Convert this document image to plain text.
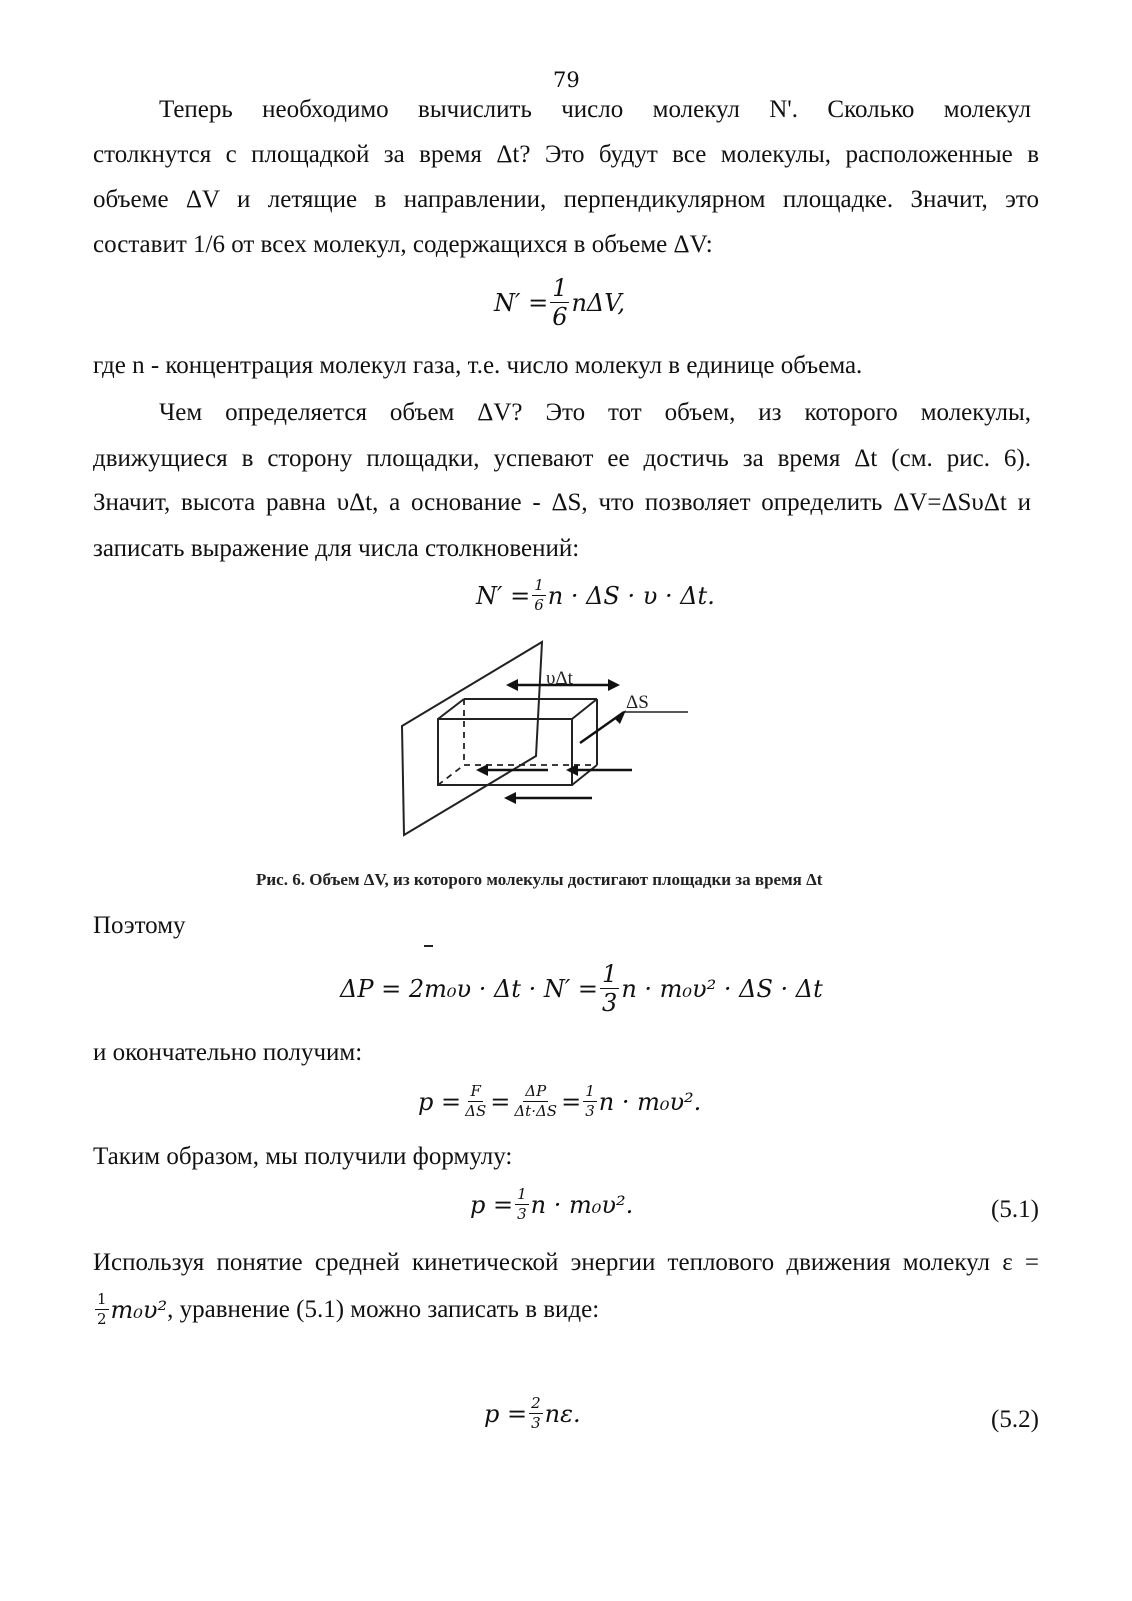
79
Теперь необходимо вычислить число молекул N'. Сколько молекул
столкнутся с площадкой за время Δt? Это будут все молекулы, расположенные в
объеме ΔV и летящие в направлении, перпендикулярном площадке. Значит, это
составит 1/6 от всех молекул, содержащихся в объеме ΔV:
$N' = \frac{1}{6} n\Delta V$,
где n - концентрация молекул газа, т.е. число молекул в единице объема.
Чем определяется объем ΔV? Это тот объем, из которого молекулы,
движущиеся в сторону площадки, успевают ее достичь за время Δt (см. рис. 6).
Значит, высота равна υΔt, а основание - ΔS, что позволяет определить ΔV=ΔSυΔt и
записать выражение для числа столкновений:
$N' = \frac{1}{6}$ n · ΔS · υ · Δt.
υΔt
ΔS
Рис. 6. Объем ΔV, из которого молекулы достигают площадки за время Δt
Поэтому
$\Delta P = 2m_0\upsilon \cdot \Delta t \cdot N' = \frac{1}{3}$ n · m₀υ² · ΔS · Δt
и окончательно получим:
$p = \frac{F}{\Delta S} = \frac{\Delta P}{\Delta t\cdot\Delta S} = \frac{1}{3}$ n · m₀υ².
Таким образом, мы получили формулу:
$p = \frac{1}{3}$ n · m₀υ².	(5.1)
Используя понятие средней кинетической энергии теплового движения молекул ε =
$\frac{1}{2} m_0\upsilon^2$ , уравнение (5.1) можно записать в виде:
$p = \frac{2}{3} n\varepsilon$.	(5.2)
